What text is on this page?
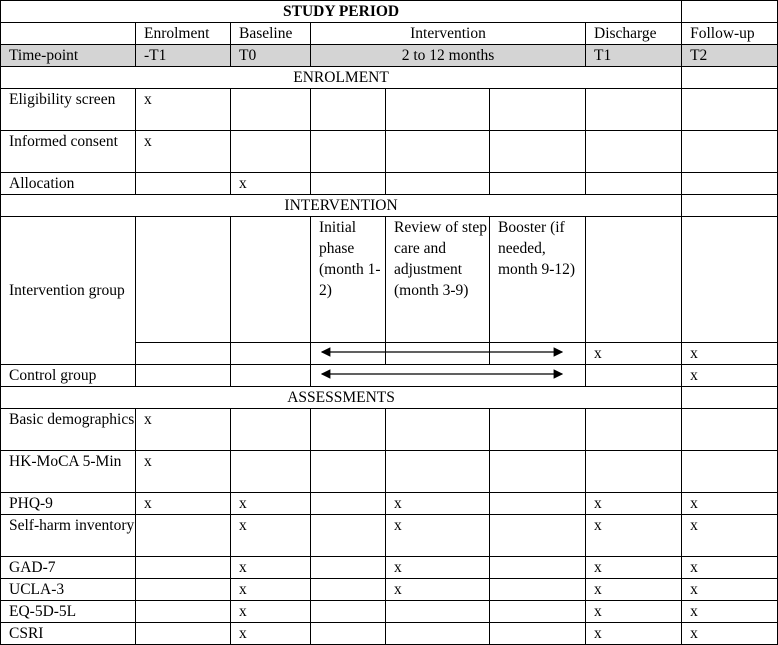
STUDY PERIOD							
	Enrolment	Baseline	Intervention			Discharge	Follow-up
Time-point	-T1	T0	2 to 12 months			T1	T2
ENROLMENT							
Eligibility screen	x						
Informed consent	x						
Allocation		x					
INTERVENTION							
Intervention group			Initial phase (month 1-2)	Review of step care and adjustment (month 3-9)	Booster (if needed, month 9-12)		
						x	x
Control group							x
ASSESSMENTS							
Basic demographics	x						
HK-MoCA 5-Min	x						
PHQ-9	x	x		x		x	x
Self-harm inventory		x		x		x	x
GAD-7		x		x		x	x
UCLA-3		x		x		x	x
EQ-5D-5L		x				x	x
CSRI		x				x	x
